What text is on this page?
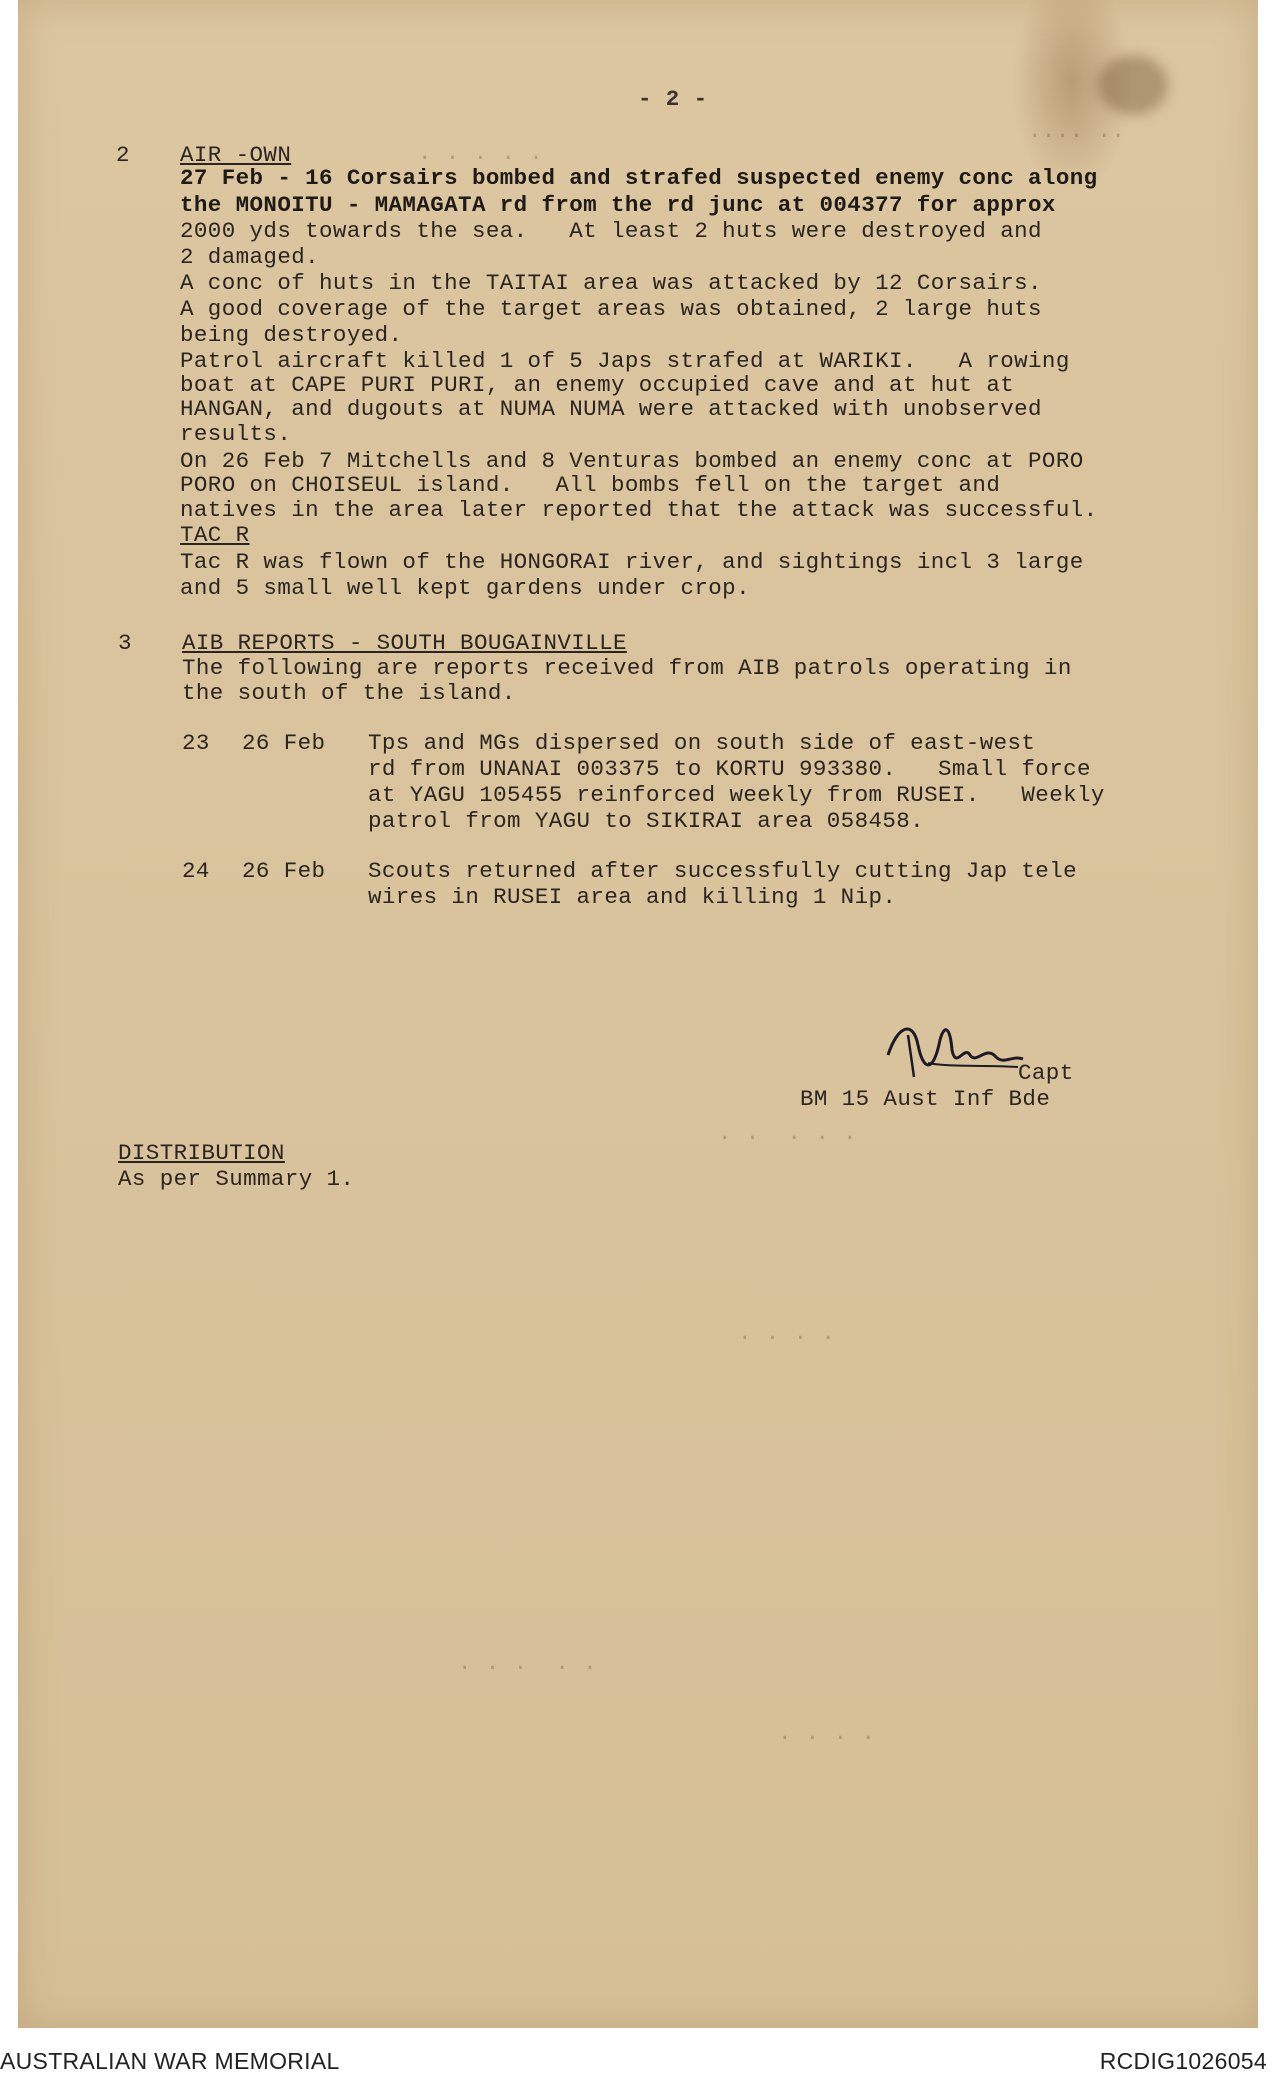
.... ..
. . . . .
. .  . . .
. . . .
. . .  . .
. . . .
- 2 -
2 AIR -OWN
27 Feb - 16 Corsairs bombed and strafed suspected enemy conc along
the MONOITU - MAMAGATA rd from the rd junc at 004377 for approx
2000 yds towards the sea.   At least 2 huts were destroyed and
2 damaged.
A conc of huts in the TAITAI area was attacked by 12 Corsairs.
A good coverage of the target areas was obtained, 2 large huts
being destroyed.
Patrol aircraft killed 1 of 5 Japs strafed at WARIKI.   A rowing
boat at CAPE PURI PURI, an enemy occupied cave and at hut at
HANGAN, and dugouts at NUMA NUMA were attacked with unobserved
results.
On 26 Feb 7 Mitchells and 8 Venturas bombed an enemy conc at PORO
PORO on CHOISEUL island.   All bombs fell on the target and
natives in the area later reported that the attack was successful.
TAC R
Tac R was flown of the HONGORAI river, and sightings incl 3 large
and 5 small well kept gardens under crop.
3 AIB REPORTS - SOUTH BOUGAINVILLE
The following are reports received from AIB patrols operating in
the south of the island.
23 26 Feb Tps and MGs dispersed on south side of east-west
rd from UNANAI 003375 to KORTU 993380.   Small force
at YAGU 105455 reinforced weekly from RUSEI.   Weekly
patrol from YAGU to SIKIRAI area 058458.
24 26 Feb Scouts returned after successfully cutting Jap tele
wires in RUSEI area and killing 1 Nip.
Capt
BM 15 Aust Inf Bde
DISTRIBUTION
As per Summary 1.
AUSTRALIAN WAR MEMORIAL	RCDIG1026054
